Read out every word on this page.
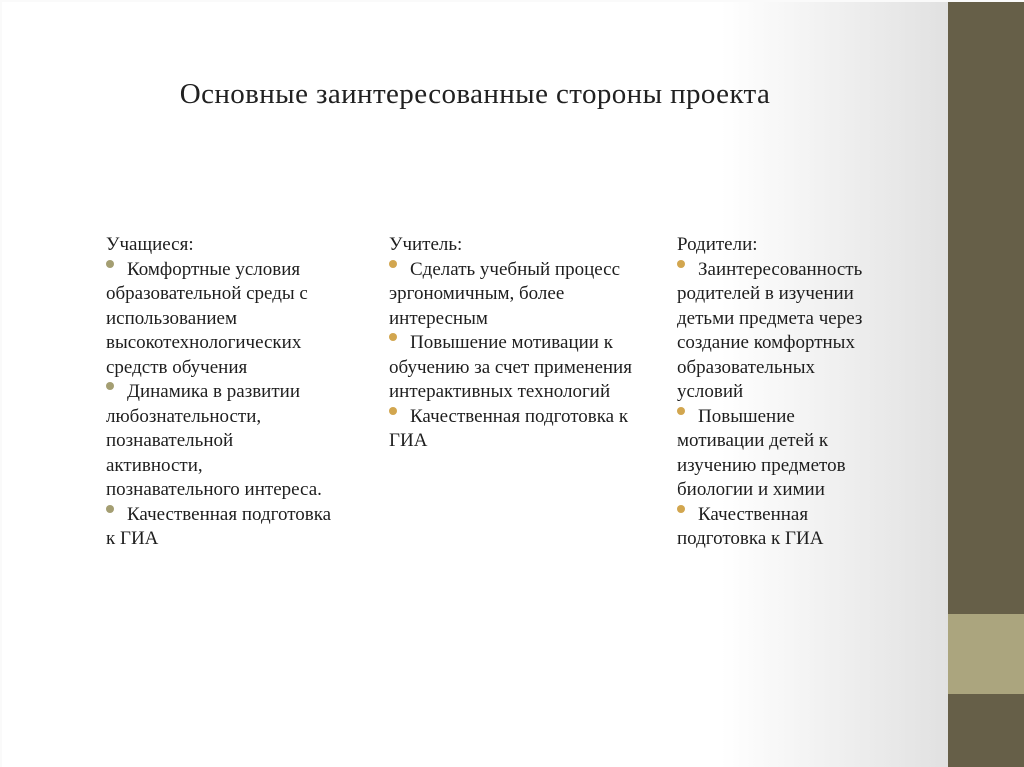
Основные заинтересованные стороны проекта
Учащиеся:
Комфортные условия образовательной среды с использованием высокотехнологических средств обучения
Динамика в развитии любознательности, познавательной активности, познавательного интереса.
Качественная подготовка к ГИА
Учитель:
Сделать учебный процесс эргономичным, более интересным
Повышение мотивации к обучению за счет применения интерактивных технологий
Качественная подготовка к ГИА
Родители:
Заинтересованность родителей в изучении детьми предмета через создание комфортных образовательных условий
Повышение мотивации детей к изучению предметов биологии и химии
Качественная подготовка к ГИА
